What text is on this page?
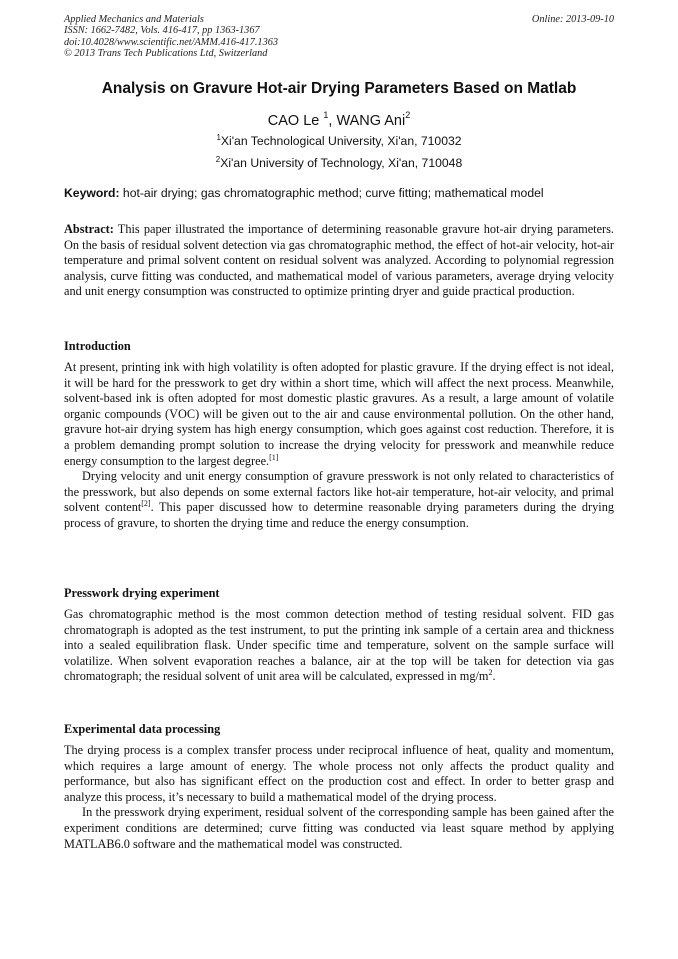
Applied Mechanics and Materials
ISSN: 1662-7482, Vols. 416-417, pp 1363-1367
doi:10.4028/www.scientific.net/AMM.416-417.1363
© 2013 Trans Tech Publications Ltd, Switzerland
Online: 2013-09-10
Analysis on Gravure Hot-air Drying Parameters Based on Matlab
CAO Le $^1$, WANG Ani$^2$
$^1$Xi'an Technological University, Xi'an, 710032
$^2$Xi'an University of Technology, Xi'an, 710048
Keyword: hot-air drying; gas chromatographic method; curve fitting; mathematical model
Abstract: This paper illustrated the importance of determining reasonable gravure hot-air drying parameters. On the basis of residual solvent detection via gas chromatographic method, the effect of hot-air velocity, hot-air temperature and primal solvent content on residual solvent was analyzed. According to polynomial regression analysis, curve fitting was conducted, and mathematical model of various parameters, average drying velocity and unit energy consumption was constructed to optimize printing dryer and guide practical production.
Introduction

At present, printing ink with high volatility is often adopted for plastic gravure. If the drying effect is not ideal, it will be hard for the presswork to get dry within a short time, which will affect the next process. Meanwhile, solvent-based ink is often adopted for most domestic plastic gravures. As a result, a large amount of volatile organic compounds (VOC) will be given out to the air and cause environmental pollution. On the other hand, gravure hot-air drying system has high energy consumption, which goes against cost reduction. Therefore, it is a problem demanding prompt solution to increase the drying velocity for presswork and meanwhile reduce energy consumption to the largest degree.[1]

Drying velocity and unit energy consumption of gravure presswork is not only related to characteristics of the presswork, but also depends on some external factors like hot-air temperature, hot-air velocity, and primal solvent content[2]. This paper discussed how to determine reasonable drying parameters during the drying process of gravure, to shorten the drying time and reduce the energy consumption.

Presswork drying experiment

Gas chromatographic method is the most common detection method of testing residual solvent. FID gas chromatograph is adopted as the test instrument, to put the printing ink sample of a certain area and thickness into a sealed equilibration flask. Under specific time and temperature, solvent on the sample surface will volatilize. When solvent evaporation reaches a balance, air at the top will be taken for detection via gas chromatograph; the residual solvent of unit area will be calculated, expressed in $mg/m^2$.

Experimental data processing

The drying process is a complex transfer process under reciprocal influence of heat, quality and momentum, which requires a large amount of energy. The whole process not only affects the product quality and performance, but also has significant effect on the production cost and effect. In order to better grasp and analyze this process, it’s necessary to build a mathematical model of the drying process.

In the presswork drying experiment, residual solvent of the corresponding sample has been gained after the experiment conditions are determined; curve fitting was conducted via least square method by applying MATLAB6.0 software and the mathematical model was constructed.
